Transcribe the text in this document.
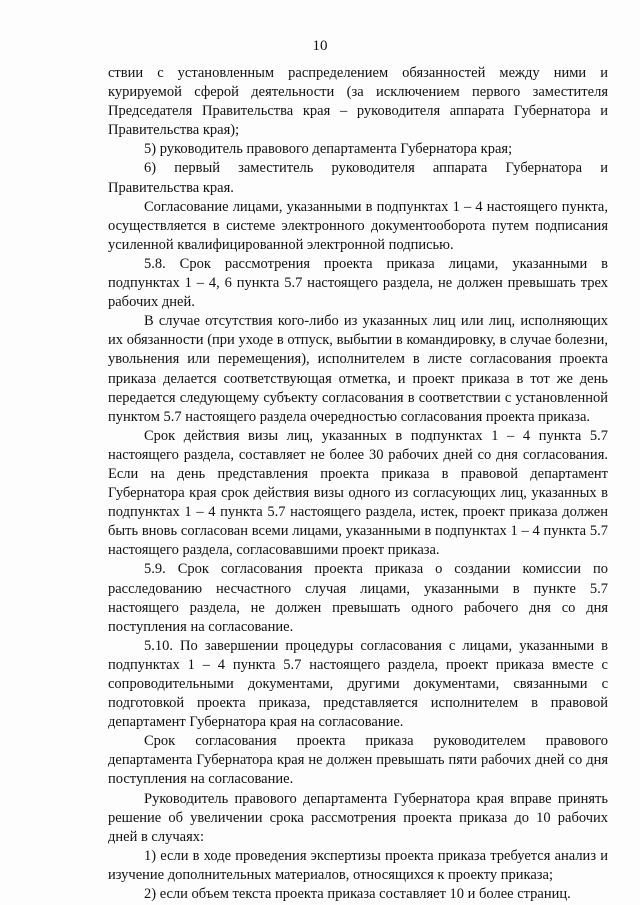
10

ствии с установленным распределением обязанностей между ними и курируемой сферой деятельности (за исключением первого заместителя Председателя Правительства края – руководителя аппарата Губернатора и Правительства края);

5) руководитель правового департамента Губернатора края;

6) первый заместитель руководителя аппарата Губернатора и Правительства края.

Согласование лицами, указанными в подпунктах 1 – 4 настоящего пункта, осуществляется в системе электронного документооборота путем подписания усиленной квалифицированной электронной подписью.

5.8. Срок рассмотрения проекта приказа лицами, указанными в подпунктах 1 – 4, 6 пункта 5.7 настоящего раздела, не должен превышать трех рабочих дней.

В случае отсутствия кого-либо из указанных лиц или лиц, исполняющих их обязанности (при уходе в отпуск, выбытии в командировку, в случае болезни, увольнения или перемещения), исполнителем в листе согласования проекта приказа делается соответствующая отметка, и проект приказа в тот же день передается следующему субъекту согласования в соответствии с установленной пунктом 5.7 настоящего раздела очередностью согласования проекта приказа.

Срок действия визы лиц, указанных в подпунктах 1 – 4 пункта 5.7 настоящего раздела, составляет не более 30 рабочих дней со дня согласования. Если на день представления проекта приказа в правовой департамент Губернатора края срок действия визы одного из согласующих лиц, указанных в подпунктах 1 – 4 пункта 5.7 настоящего раздела, истек, проект приказа должен быть вновь согласован всеми лицами, указанными в подпунктах 1 – 4 пункта 5.7 настоящего раздела, согласовавшими проект приказа.

5.9. Срок согласования проекта приказа о создании комиссии по расследованию несчастного случая лицами, указанными в пункте 5.7 настоящего раздела, не должен превышать одного рабочего дня со дня поступления на согласование.

5.10. По завершении процедуры согласования с лицами, указанными в подпунктах 1 – 4 пункта 5.7 настоящего раздела, проект приказа вместе с сопроводительными документами, другими документами, связанными с подготовкой проекта приказа, представляется исполнителем в правовой департамент Губернатора края на согласование.

Срок согласования проекта приказа руководителем правового департамента Губернатора края не должен превышать пяти рабочих дней со дня поступления на согласование.

Руководитель правового департамента Губернатора края вправе принять решение об увеличении срока рассмотрения проекта приказа до 10 рабочих дней в случаях:

1) если в ходе проведения экспертизы проекта приказа требуется анализ и изучение дополнительных материалов, относящихся к проекту приказа;

2) если объем текста проекта приказа составляет 10 и более страниц.
